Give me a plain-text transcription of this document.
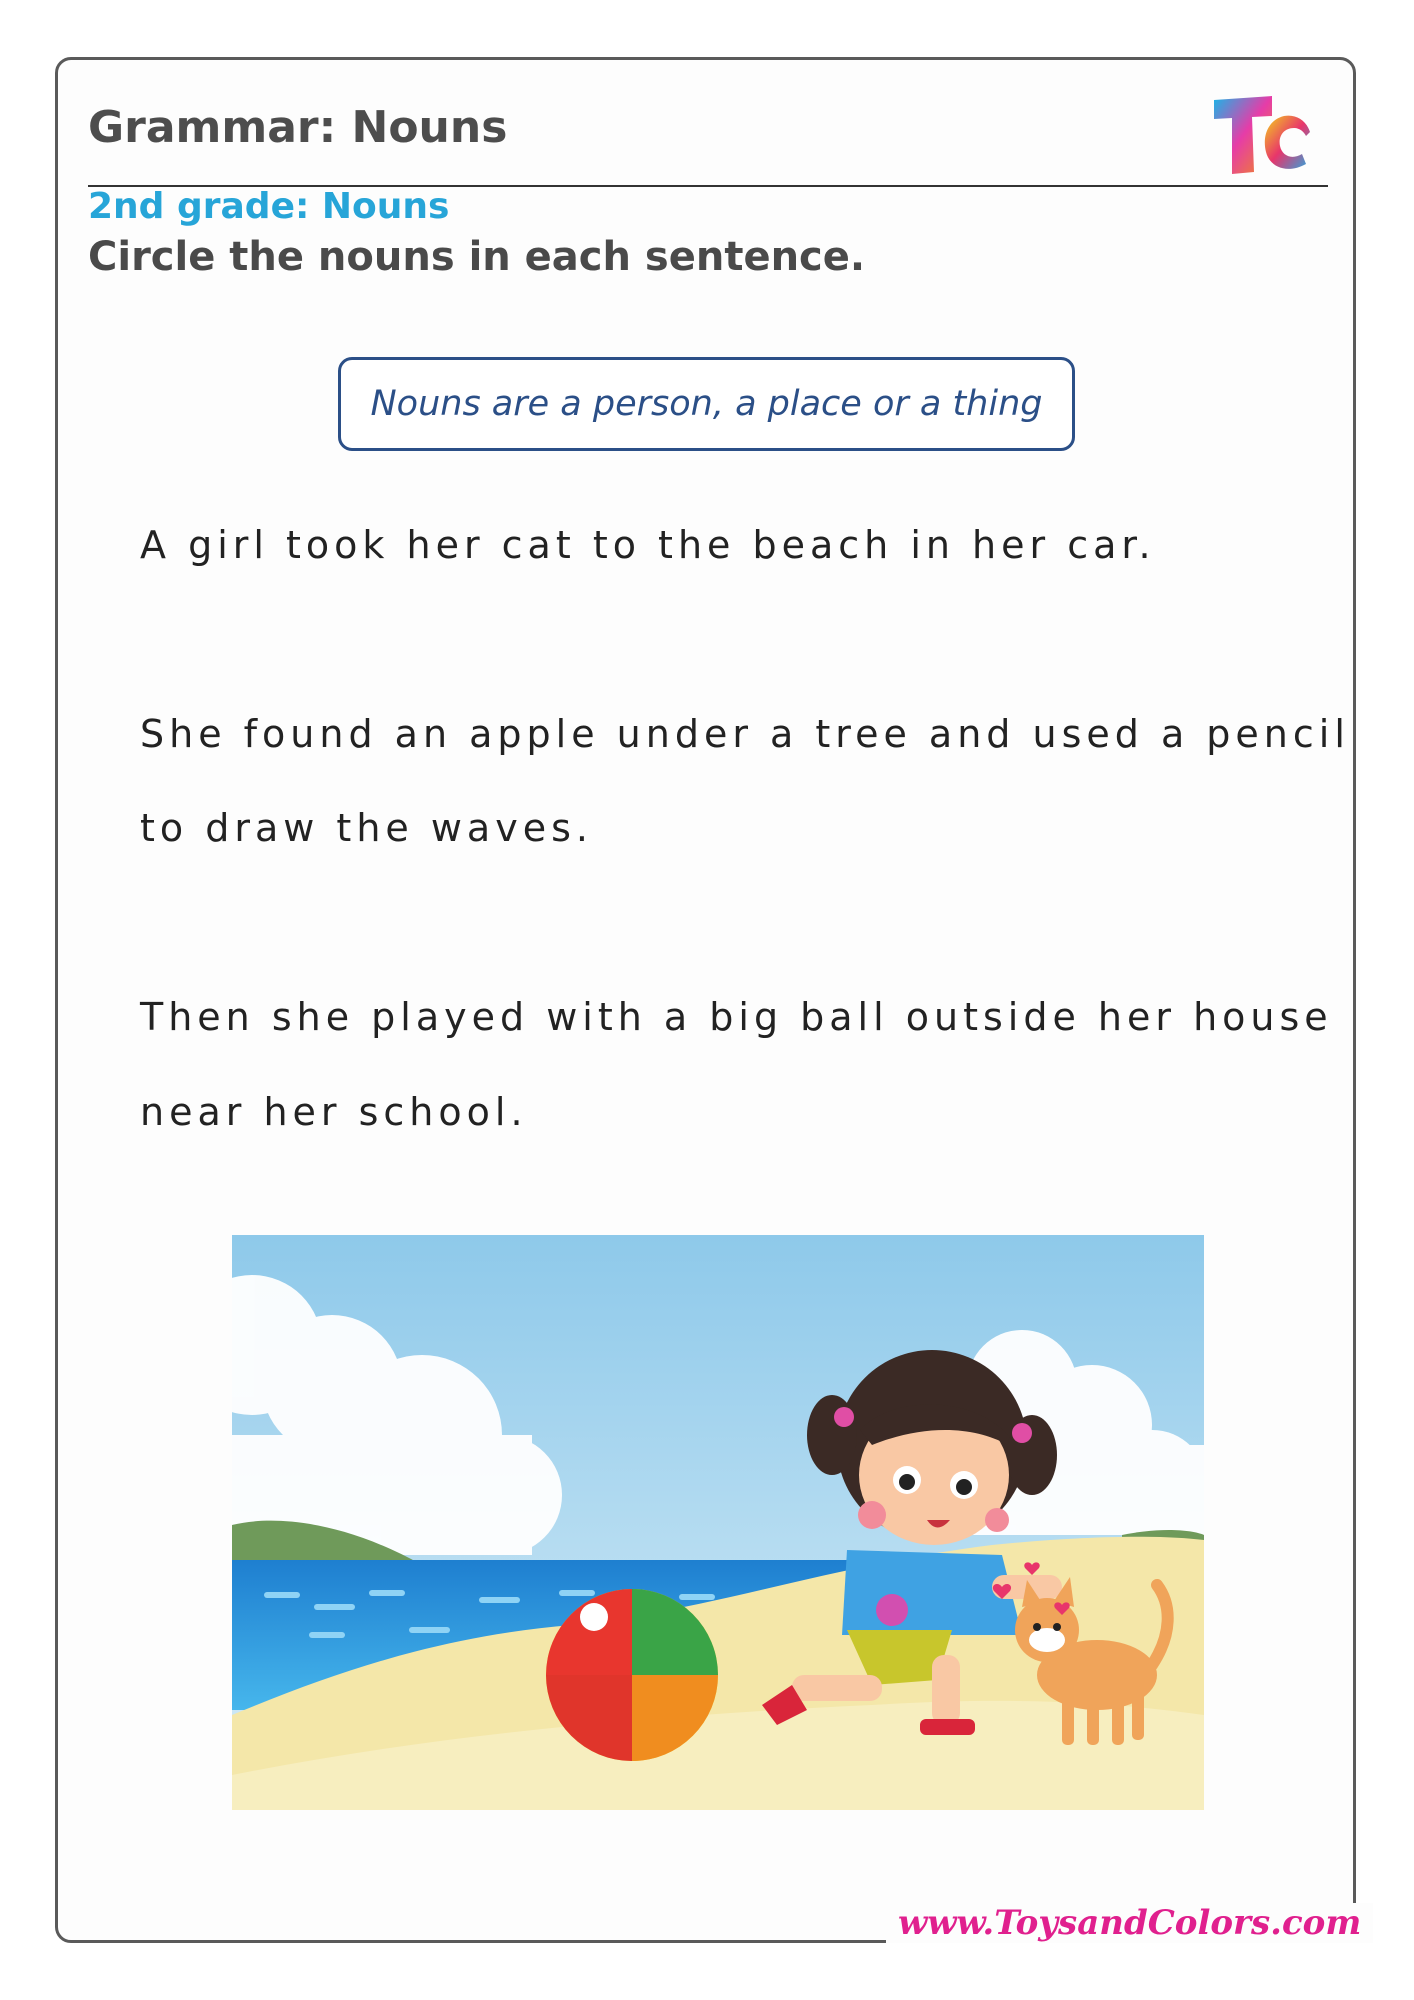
Grammar: Nouns
2nd grade: Nouns
Circle the nouns in each sentence.
Nouns are a person, a place or a thing
A girl took her cat to the beach in her car.
She found an apple under a tree and used a pencil
to draw the waves.
Then she played with a big ball outside her house
near her school.
www.ToysandColors.com
